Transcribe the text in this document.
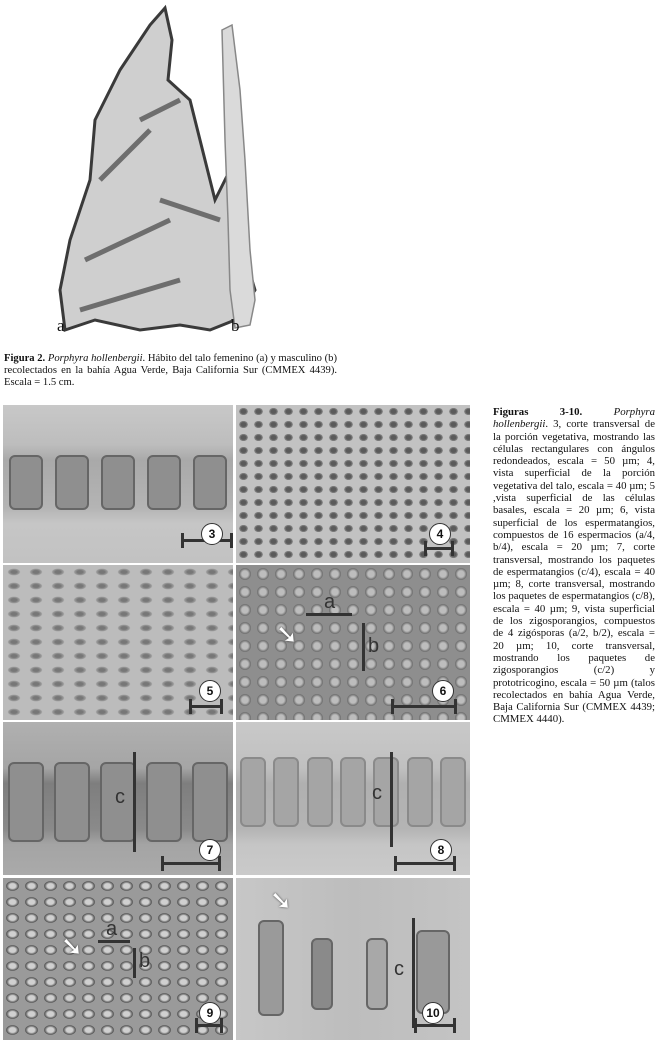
a	b
Figura 2. Porphyra hollenbergii. Hábito del talo femenino (a) y masculino (b) recolectados en la bahía Agua Verde, Baja California Sur (CMMEX 4439). Escala = 1.5 cm.
3	4
5
a
b
➘
6
c
7
c
8
a
b
➘
9
➘
c
10
Figuras 3-10.	Porphyra hollenbergii. 3, corte transversal de la porción vegetativa, mostrando las células rectangulares con ángulos redondeados, escala = 50 µm; 4, vista superficial de la porción vegetativa del talo, escala = 40 µm; 5 ,vista superficial de las células basales, escala = 20 µm; 6, vista superficial de los espermatangios, compuestos de 16 espermacios (a/4, b/4), escala = 20 µm; 7, corte transversal, mostrando los paquetes de espermatangios (c/4), escala = 40 µm; 8, corte transversal, mostrando los paquetes de espermatangios (c/8), escala = 40 µm; 9, vista superficial de los zigosporangios, compuestos de 4 zigósporas (a/2, b/2), escala = 20 µm; 10, corte transversal, mostrando los paquetes de zigosporangios (c/2) y prototricogino, escala = 50 µm (talos recolectados en bahía Agua Verde, Baja California Sur (CMMEX 4439; CMMEX 4440).
